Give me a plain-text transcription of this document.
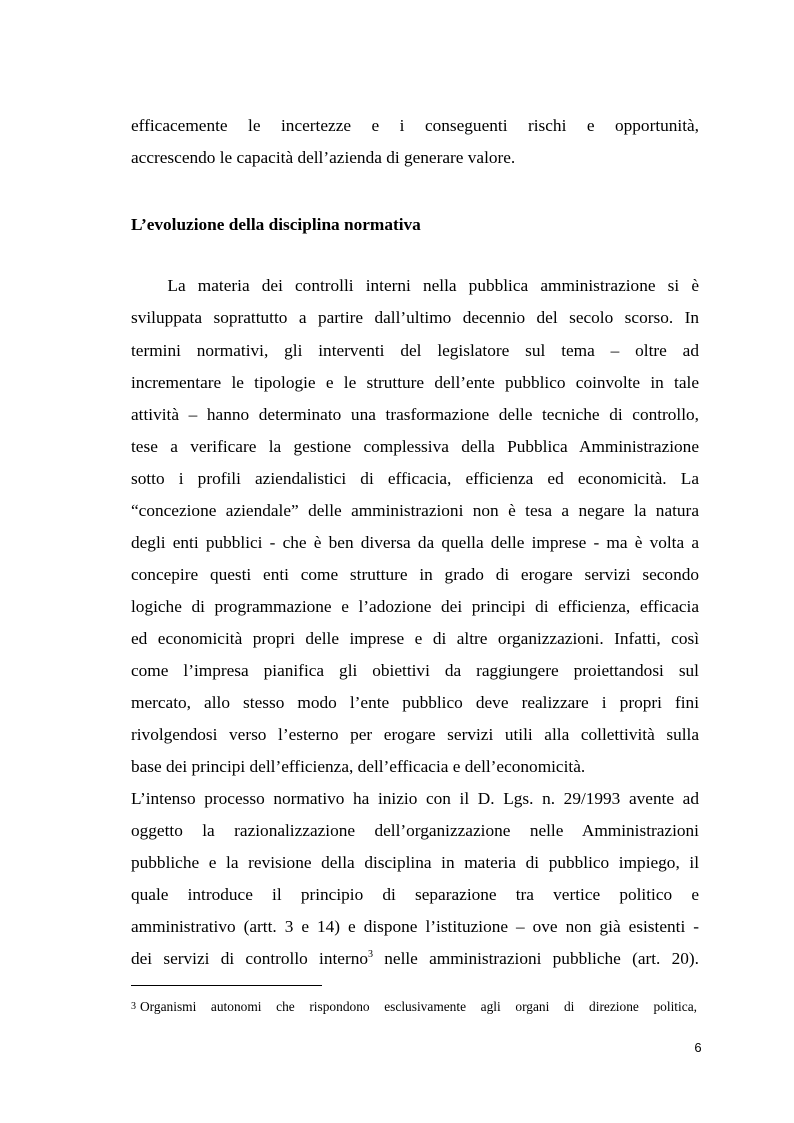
efficacemente le incertezze e i conseguenti rischi e opportunità,
accrescendo le capacità dell’azienda di generare valore.
L’evoluzione della disciplina normativa
La materia dei controlli interni nella pubblica amministrazione si è
sviluppata soprattutto a partire dall’ultimo decennio del secolo scorso. In
termini normativi, gli interventi del legislatore sul tema – oltre ad
incrementare le tipologie e le strutture dell’ente pubblico coinvolte in tale
attività – hanno determinato una trasformazione delle tecniche di controllo,
tese a verificare la gestione complessiva della Pubblica Amministrazione
sotto i profili aziendalistici di efficacia, efficienza ed economicità. La
“concezione aziendale” delle amministrazioni non è tesa a negare la natura
degli enti pubblici - che è ben diversa da quella delle imprese - ma è volta a
concepire questi enti come strutture in grado di erogare servizi secondo
logiche di programmazione e l’adozione dei principi di efficienza, efficacia
ed economicità propri delle imprese e di altre organizzazioni. Infatti, così
come l’impresa pianifica gli obiettivi da raggiungere proiettandosi sul
mercato, allo stesso modo l’ente pubblico deve realizzare i propri fini
rivolgendosi verso l’esterno per erogare servizi utili alla collettività sulla
base dei principi dell’efficienza, dell’efficacia e dell’economicità.
L’intenso processo normativo ha inizio con il D. Lgs. n. 29/1993 avente ad
oggetto la razionalizzazione dell’organizzazione nelle Amministrazioni
pubbliche e la revisione della disciplina in materia di pubblico impiego, il
quale introduce il principio di separazione tra vertice politico e
amministrativo (artt. 3 e 14) e dispone l’istituzione – ove non già esistenti -
dei servizi di controllo interno$^3$ nelle amministrazioni pubbliche (art. 20).
3 Organismi autonomi che rispondono esclusivamente agli organi di direzione politica,
6
